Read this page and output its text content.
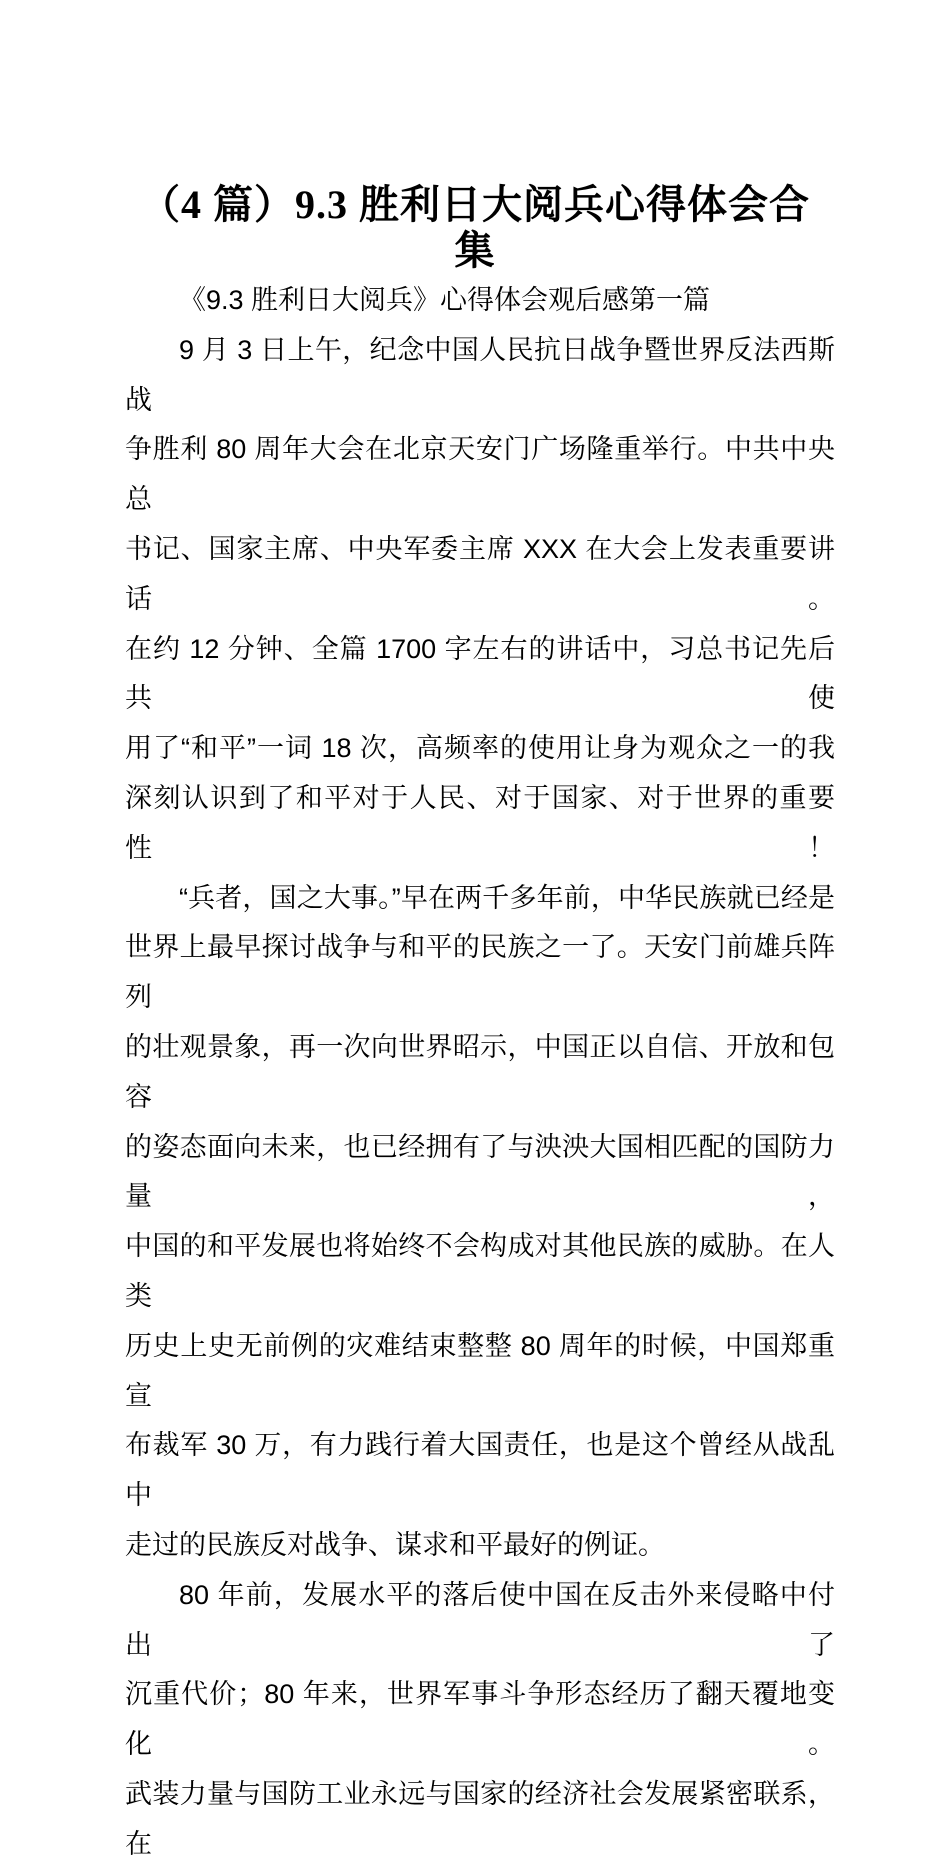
（4 篇）9.3 胜利日大阅兵心得体会合
集
《9.3 胜利日大阅兵》心得体会观后感第一篇
9 月 3 日上午，纪念中国人民抗日战争暨世界反法西斯战
争胜利 80 周年大会在北京天安门广场隆重举行。中共中央总
书记、国家主席、中央军委主席 XXX 在大会上发表重要讲话。
在约 12 分钟、全篇 1700 字左右的讲话中，习总书记先后共使
用了“和平”一词 18 次，高频率的使用让身为观众之一的我
深刻认识到了和平对于人民、对于国家、对于世界的重要性！
“兵者，国之大事。”早在两千多年前，中华民族就已经是
世界上最早探讨战争与和平的民族之一了。天安门前雄兵阵列
的壮观景象，再一次向世界昭示，中国正以自信、开放和包容
的姿态面向未来，也已经拥有了与泱泱大国相匹配的国防力量，
中国的和平发展也将始终不会构成对其他民族的威胁。在人类
历史上史无前例的灾难结束整整 80 周年的时候，中国郑重宣
布裁军 30 万，有力践行着大国责任，也是这个曾经从战乱中
走过的民族反对战争、谋求和平最好的例证。
80 年前，发展水平的落后使中国在反击外来侵略中付出了
沉重代价；80 年来，世界军事斗争形态经历了翻天覆地变化。
武装力量与国防工业永远与国家的经济社会发展紧密联系，在
